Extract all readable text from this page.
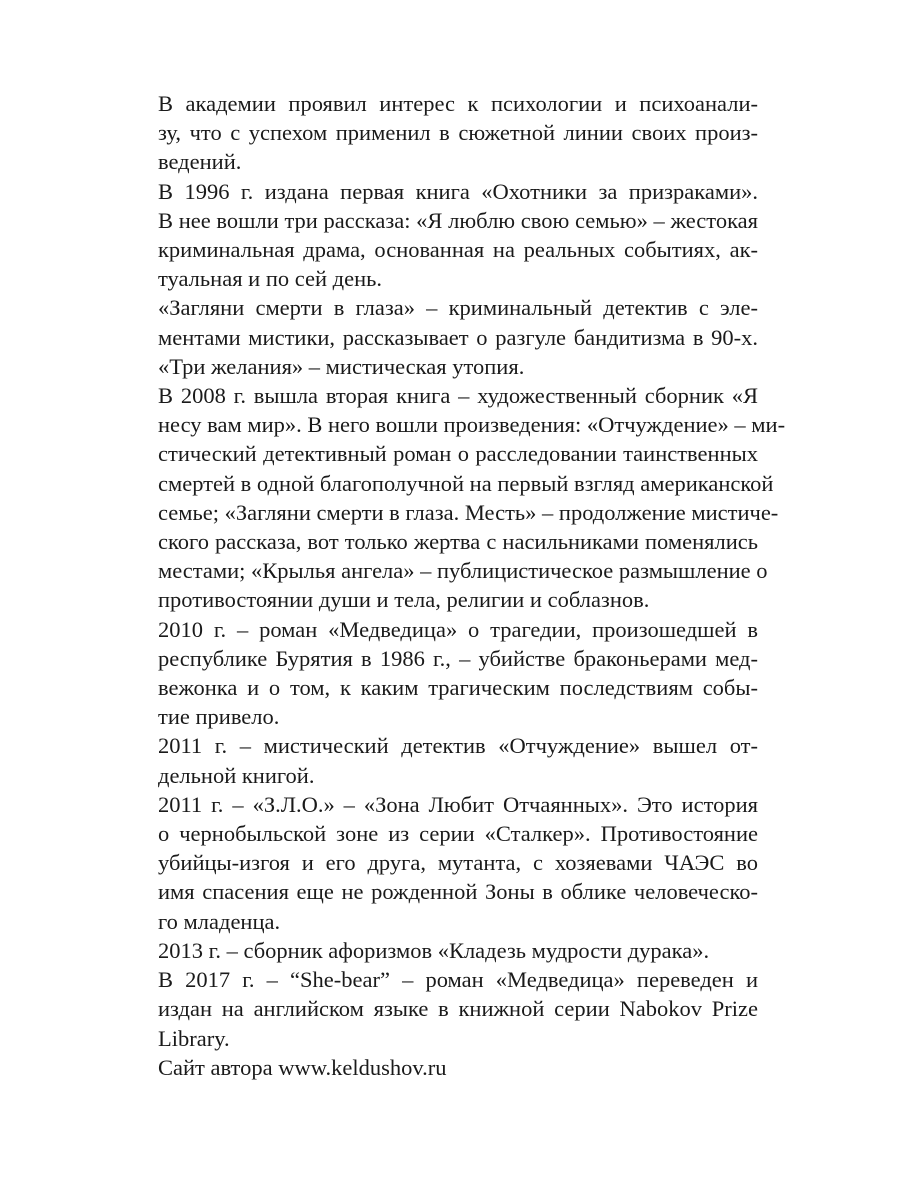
В академии проявил интерес к психологии и психоанали-
зу, что с успехом применил в сюжетной линии своих произ-
ведений.

В 1996 г. издана первая книга «Охотники за призраками».
В нее вошли три рассказа: «Я люблю свою семью» – жестокая
криминальная драма, основанная на реальных событиях, ак-
туальная и по сей день.

«Загляни смерти в глаза» – криминальный детектив с эле-
ментами мистики, рассказывает о разгуле бандитизма в 90-х.
«Три желания» – мистическая утопия.

В 2008 г. вышла вторая книга – художественный сборник «Я
несу вам мир». В него вошли произведения: «Отчуждение» – ми-
стический детективный роман о расследовании таинственных
смертей в одной благополучной на первый взгляд американской
семье; «Загляни смерти в глаза. Месть» – продолжение мистиче-
ского рассказа, вот только жертва с насильниками поменялись
местами; «Крылья ангела» – публицистическое размышление о
противостоянии души и тела, религии и соблазнов.

2010 г. – роман «Медведица» о трагедии, произошедшей в
республике Бурятия в 1986 г., – убийстве браконьерами мед-
вежонка и о том, к каким трагическим последствиям собы-
тие привело.

2011 г. – мистический детектив «Отчуждение» вышел от-
дельной книгой.

2011 г. – «З.Л.О.» – «Зона Любит Отчаянных». Это история
о чернобыльской зоне из серии «Сталкер». Противостояние
убийцы-изгоя и его друга, мутанта, с хозяевами ЧАЭС во
имя спасения еще не рожденной Зоны в облике человеческо-
го младенца.

2013 г. – сборник афоризмов «Кладезь мудрости дурака».

В 2017 г. – “She-bear” – роман «Медведица» переведен и
издан на английском языке в книжной серии Nabokov Prize
Library.

Сайт автора www.keldushov.ru
